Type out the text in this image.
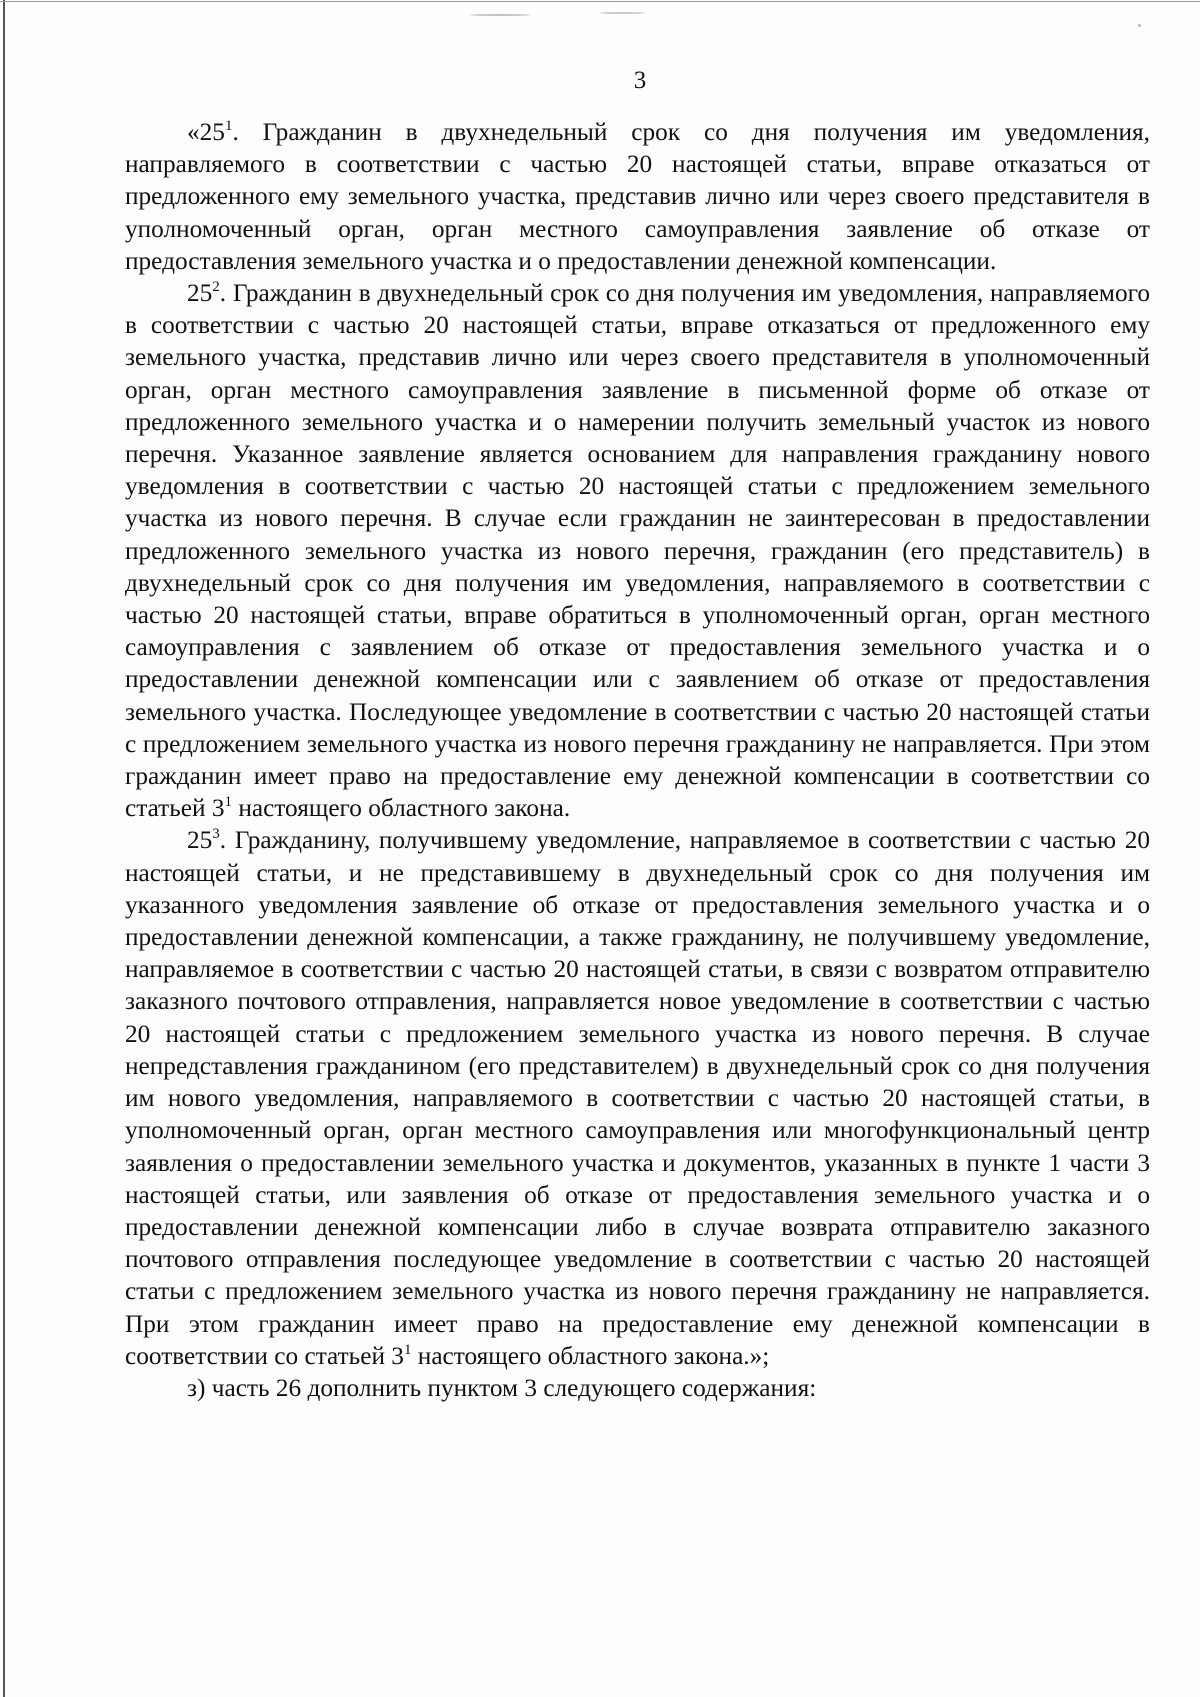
3

«$25^1$. Гражданин в двухнедельный срок со дня получения им уведомления, направляемого в соответствии с частью 20 настоящей статьи, вправе отказаться от предложенного ему земельного участка, представив лично или через своего представителя в уполномоченный орган, орган местного самоуправления заявление об отказе от предоставления земельного участка и о предоставлении денежной компенсации.

$25^2$. Гражданин в двухнедельный срок со дня получения им уведомления, направляемого в соответствии с частью 20 настоящей статьи, вправе отказаться от предложенного ему земельного участка, представив лично или через своего представителя в уполномоченный орган, орган местного самоуправления заявление в письменной форме об отказе от предложенного земельного участка и о намерении получить земельный участок из нового перечня. Указанное заявление является основанием для направления гражданину нового уведомления в соответствии с частью 20 настоящей статьи с предложением земельного участка из нового перечня. В случае если гражданин не заинтересован в предоставлении предложенного земельного участка из нового перечня, гражданин (его представитель) в двухнедельный срок со дня получения им уведомления, направляемого в соответствии с частью 20 настоящей статьи, вправе обратиться в уполномоченный орган, орган местного самоуправления с заявлением об отказе от предоставления земельного участка и о предоставлении денежной компенсации или с заявлением об отказе от предоставления земельного участка. Последующее уведомление в соответствии с частью 20 настоящей статьи с предложением земельного участка из нового перечня гражданину не направляется. При этом гражданин имеет право на предоставление ему денежной компенсации в соответствии со статьей $3^1$ настоящего областного закона.

$25^3$. Гражданину, получившему уведомление, направляемое в соответствии с частью 20 настоящей статьи, и не представившему в двухнедельный срок со дня получения им указанного уведомления заявление об отказе от предоставления земельного участка и о предоставлении денежной компенсации, а также гражданину, не получившему уведомление, направляемое в соответствии с частью 20 настоящей статьи, в связи с возвратом отправителю заказного почтового отправления, направляется новое уведомление в соответствии с частью 20 настоящей статьи с предложением земельного участка из нового перечня. В случае непредставления гражданином (его представителем) в двухнедельный срок со дня получения им нового уведомления, направляемого в соответствии с частью 20 настоящей статьи, в уполномоченный орган, орган местного самоуправления или многофункциональный центр заявления о предоставлении земельного участка и документов, указанных в пункте 1 части 3 настоящей статьи, или заявления об отказе от предоставления земельного участка и о предоставлении денежной компенсации либо в случае возврата отправителю заказного почтового отправления последующее уведомление в соответствии с частью 20 настоящей статьи с предложением земельного участка из нового перечня гражданину не направляется. При этом гражданин имеет право на предоставление ему денежной компенсации в соответствии со статьей $3^1$ настоящего областного закона.»;

з) часть 26 дополнить пунктом 3 следующего содержания:
